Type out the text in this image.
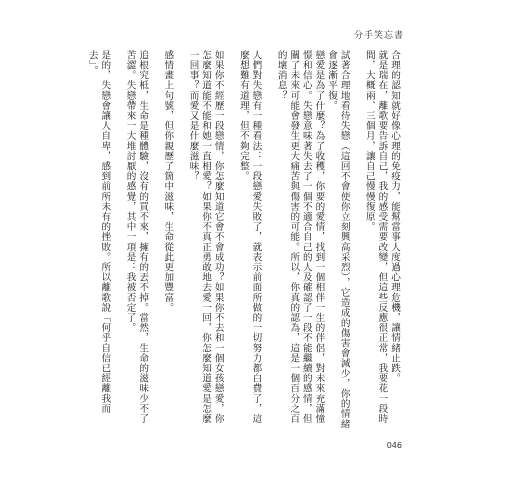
分手笑忘書

合理的認知就好像心理的免疫力，能幫當事人度過心理危機，讓情緒止跌。

就是瑞在，離歌要告訴自己，我的感受需要改變，但這些反應很正常，我要花一段時間，大概兩、三個月，讓自己慢慢復原。

試著合理地看待失戀（這回不會使你立刻興高采烈），它造成的傷害會減少，你的情緒會逐漸平復。

戀愛是為了什麼？為了收穫，你要的愛情，找到一個相伴一生的伴侶，對未來充滿憧憬和信心。失戀意味著失去了一個不適合自己的人及確認了一段不能繼續的感情，但關了未來可能會發生更大痛苦與傷害的可能。所以，你真的認為，這是一個百分之百的壞消息？

人們對失戀有一種看法：一段戀愛失敗了，就表示前面所做的一切努力都白費了，這麼想難有道理，但不夠完整。

如果你不經歷一段戀情，你怎麼知道它會不會成功？如果你不去和一個女孩戀愛，你怎麼知道能不能和她一直相愛？如果你不真正勇敢地去愛一回，你怎麼知道愛是怎麼一回事？而愛又是什麼滋味？

感情畫上句號，但你親歷了箇中滋味，生命從此更加豐富。

追根究柢，生命是種體驗，沒有的買不來，擁有的丟不掉。當然，生命的滋味少不了苦澀。失戀帶來一大堆討厭的感覺，其中一項是：我被否定了。

是的，失戀會讓人自卑，感到前所未有的挫敗。所以離歌說「何乎自信已經離我而去」。

046
